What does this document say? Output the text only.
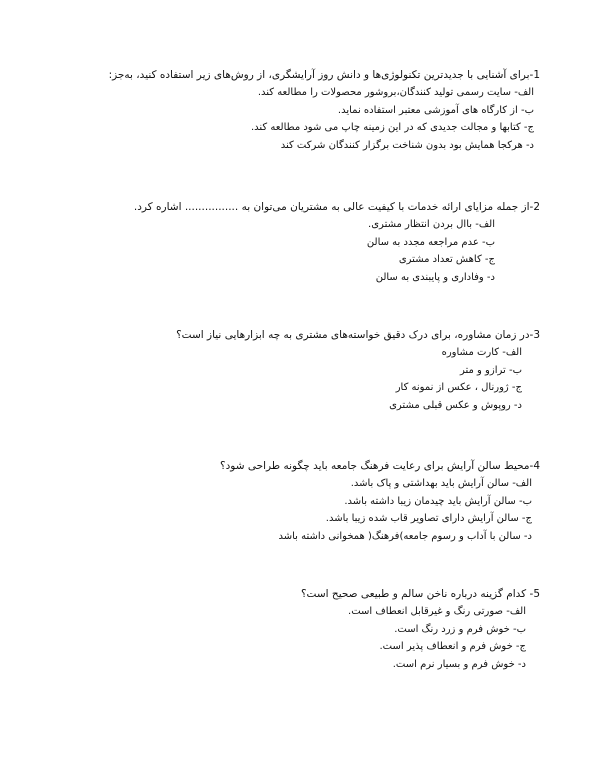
1-برای آشنایی با جدیدترین تکنولوژی‌ها و دانش روز آرایشگری، از روش‌های زیر استفاده کنید، به‌جز:

الف- سایت رسمی تولید کنندگان،بروشور محصولات را مطالعه کند.

ب- از کارگاه های آموزشی معتبر استفاده نماید.

ج- کتابها و مجالت جدیدی که در این زمینه چاپ می شود مطالعه کند.

د- هرکجا همایش بود بدون شناخت برگزار کنندگان شرکت کند

2-از جمله مزایای ارائه خدمات با کیفیت عالی به مشتریان می‌توان به ................ اشاره کرد.

الف- باال بردن انتظار مشتری.

ب- عدم مراجعه مجدد به سالن

ج- کاهش تعداد مشتری

د- وفاداری و پایبندی به سالن

3-در زمان مشاوره، برای درک دقیق خواسته‌های مشتری به چه ابزارهایی نیاز است؟

الف- کارت مشاوره

ب- ترازو و متر

ج- ژورنال ، عکس از نمونه کار

د- روپوش و عکس قبلی مشتری

4-محیط سالن آرایش برای رعایت فرهنگ جامعه باید چگونه طراحی شود؟

الف- سالن آرایش باید بهداشتی و پاک باشد.

ب- سالن آرایش باید چیدمان زیبا داشته باشد.

ج- سالن آرایش دارای تصاویر قاب شده زیبا باشد.

د- سالن با آداب و رسوم جامعه)فرهنگ( همخوانی داشته باشد

5- کدام گزینه درباره ناخن سالم و طبیعی صحیح است؟

الف- صورتی رنگ و غیرقابل انعطاف است.

ب- خوش فرم و زرد رنگ است.

ج- خوش فرم و انعطاف پذیر است.

د- خوش فرم و بسیار نرم است.
